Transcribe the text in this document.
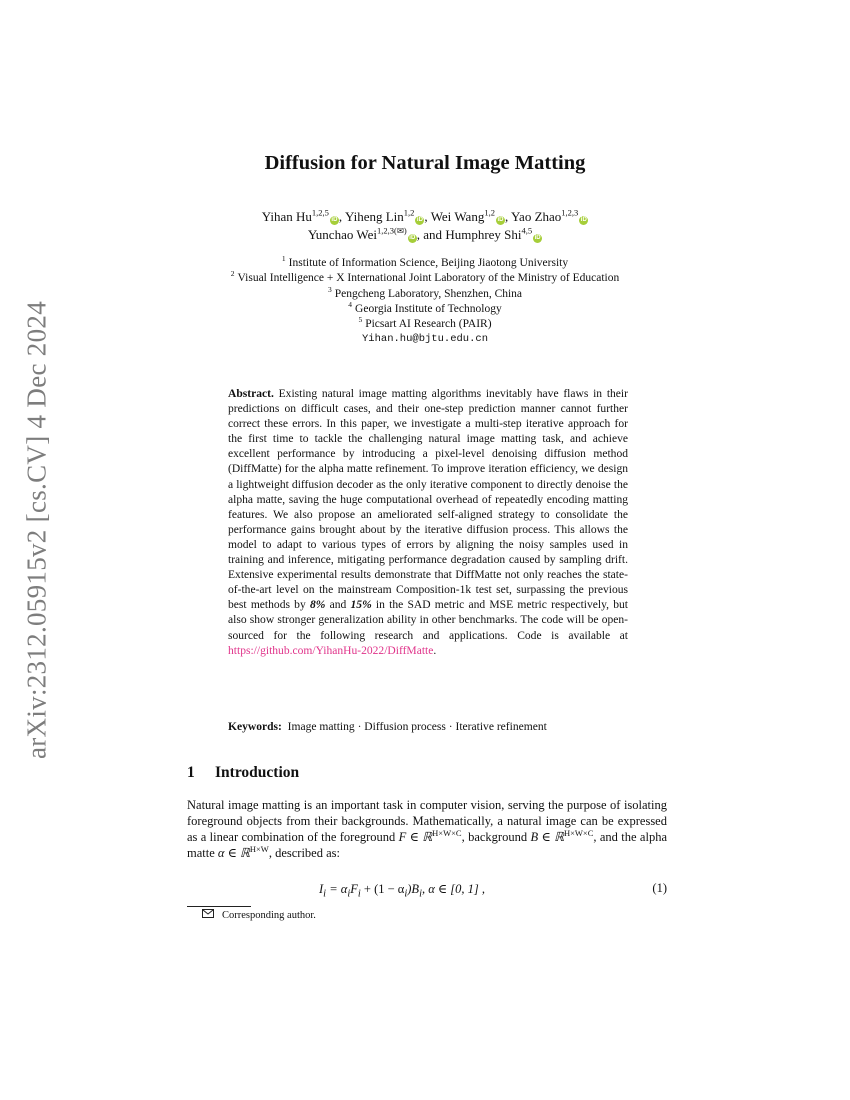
arXiv:2312.05915v2 [cs.CV] 4 Dec 2024
Diffusion for Natural Image Matting
Yihan Hu$^{1,2,5}$iD , Yiheng Lin$^{1,2}$iD , Wei Wang$^{1,2}$iD , Yao Zhao$^{1,2,3}$iD
Yunchao Wei$^{1,2,3(✉)}$iD , and Humphrey Shi$^{4,5}$iD
$^1$ Institute of Information Science, Beijing Jiaotong University
$^2$ Visual Intelligence + X International Joint Laboratory of the Ministry of Education
$^3$ Pengcheng Laboratory, Shenzhen, China
$^4$ Georgia Institute of Technology
$^5$ Picsart AI Research (PAIR)
Yihan.hu@bjtu.edu.cn
Abstract. Existing natural image matting algorithms inevitably have flaws in their predictions on difficult cases, and their one-step prediction manner cannot further correct these errors. In this paper, we investigate a multi-step iterative approach for the first time to tackle the challenging natural image matting task, and achieve excellent performance by introducing a pixel-level denoising diffusion method (DiffMatte) for the alpha matte refinement. To improve iteration efficiency, we design a lightweight diffusion decoder as the only iterative component to directly denoise the alpha matte, saving the huge computational overhead of repeatedly encoding matting features. We also propose an ameliorated self-aligned strategy to consolidate the performance gains brought about by the iterative diffusion process. This allows the model to adapt to various types of errors by aligning the noisy samples used in training and inference, mitigating performance degradation caused by sampling drift. Extensive experimental results demonstrate that DiffMatte not only reaches the state-of-the-art level on the mainstream Composition-1k test set, surpassing the previous best methods by 8% and 15% in the SAD metric and MSE metric respectively, but also show stronger generalization ability in other benchmarks. The code will be open-sourced for the following research and applications. Code is available at https://github.com/YihanHu-2022/DiffMatte.
Keywords: Image matting · Diffusion process · Iterative refinement
1 Introduction
Natural image matting is an important task in computer vision, serving the purpose of isolating foreground objects from their backgrounds. Mathematically, a natural image can be expressed as a linear combination of the foreground F ∈ ℝ$^{H\times W\times C}$, background B ∈ ℝ$^{H\times W\times C}$, and the alpha matte α ∈ ℝ$^{H\times W}$, described as:
$I_i = \alpha_iF_i + (1 - \alpha_i)B_i$, α ∈ [0, 1] ,	(1)
Corresponding author.
